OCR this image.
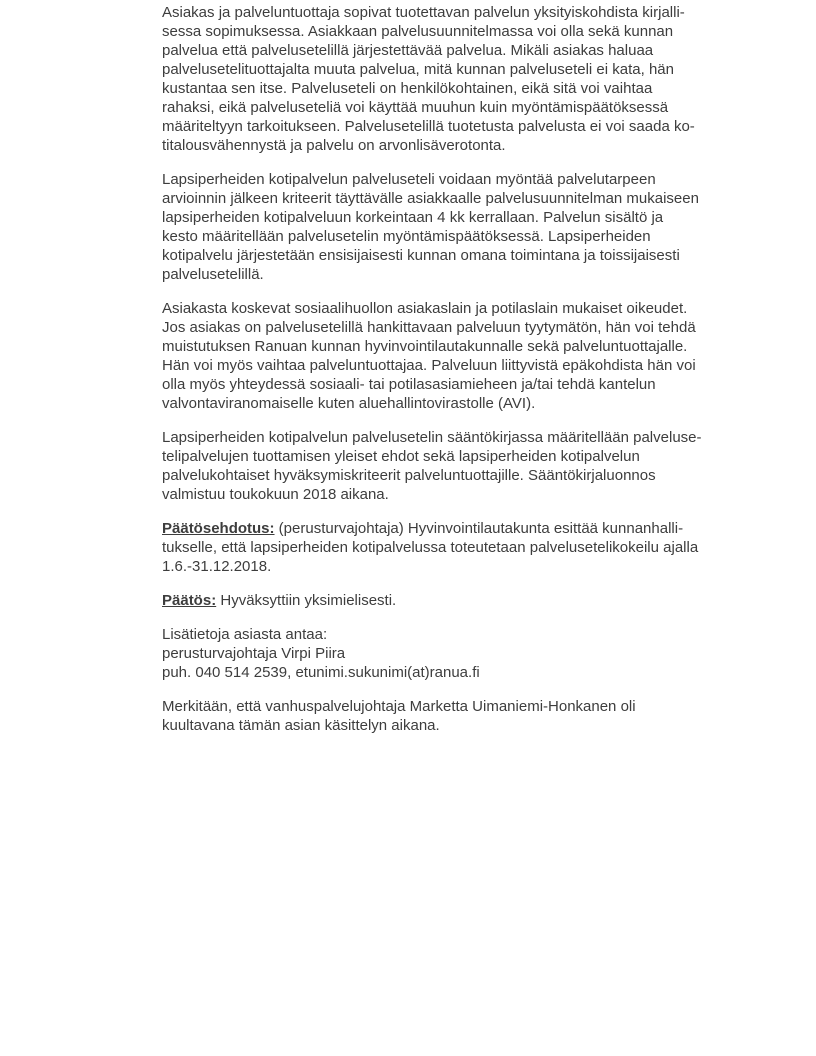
Asiakas ja palveluntuottaja sopivat tuotettavan palvelun yksityiskohdista kirjalli-
sessa sopimuksessa. Asiakkaan palvelusuunnitelmassa voi olla sekä kunnan
palvelua että palvelusetelillä järjestettävää palvelua. Mikäli asiakas haluaa
palvelusetelituottajalta muuta palvelua, mitä kunnan palveluseteli ei kata, hän
kustantaa sen itse. Palveluseteli on henkilökohtainen, eikä sitä voi vaihtaa
rahaksi, eikä palveluseteliä voi käyttää muuhun kuin myöntämispäätöksessä
määriteltyyn tarkoitukseen. Palvelusetelillä tuotetusta palvelusta ei voi saada ko-
titalousvähennystä ja palvelu on arvonlisäverotonta.

Lapsiperheiden kotipalvelun palveluseteli voidaan myöntää palvelutarpeen
arvioinnin jälkeen kriteerit täyttävälle asiakkaalle palvelusuunnitelman mukaiseen
lapsiperheiden kotipalveluun korkeintaan 4 kk kerrallaan. Palvelun sisältö ja
kesto määritellään palvelusetelin myöntämispäätöksessä. Lapsiperheiden
kotipalvelu järjestetään ensisijaisesti kunnan omana toimintana ja toissijaisesti
palvelusetelillä.

Asiakasta koskevat sosiaalihuollon asiakaslain ja potilaslain mukaiset oikeudet.
Jos asiakas on palvelusetelillä hankittavaan palveluun tyytymätön, hän voi tehdä
muistutuksen Ranuan kunnan hyvinvointilautakunnalle sekä palveluntuottajalle.
Hän voi myös vaihtaa palveluntuottajaa. Palveluun liittyvistä epäkohdista hän voi
olla myös yhteydessä sosiaali- tai potilasasiamieheen ja/tai tehdä kantelun
valvontaviranomaiselle kuten aluehallintovirastolle (AVI).

Lapsiperheiden kotipalvelun palvelusetelin sääntökirjassa määritellään palveluse-
telipalvelujen tuottamisen yleiset ehdot sekä lapsiperheiden kotipalvelun
palvelukohtaiset hyväksymiskriteerit palveluntuottajille. Sääntökirjaluonnos
valmistuu toukokuun 2018 aikana.

Päätösehdotus: (perusturvajohtaja) Hyvinvointilautakunta esittää kunnanhalli-
tukselle, että lapsiperheiden kotipalvelussa toteutetaan palvelusetelikokeilu ajalla
1.6.-31.12.2018.

Päätös: Hyväksyttiin yksimielisesti.

Lisätietoja asiasta antaa:
perusturvajohtaja Virpi Piira
puh. 040 514 2539, etunimi.sukunimi(at)ranua.fi

Merkitään, että vanhuspalvelujohtaja Marketta Uimaniemi-Honkanen oli
kuultavana tämän asian käsittelyn aikana.
